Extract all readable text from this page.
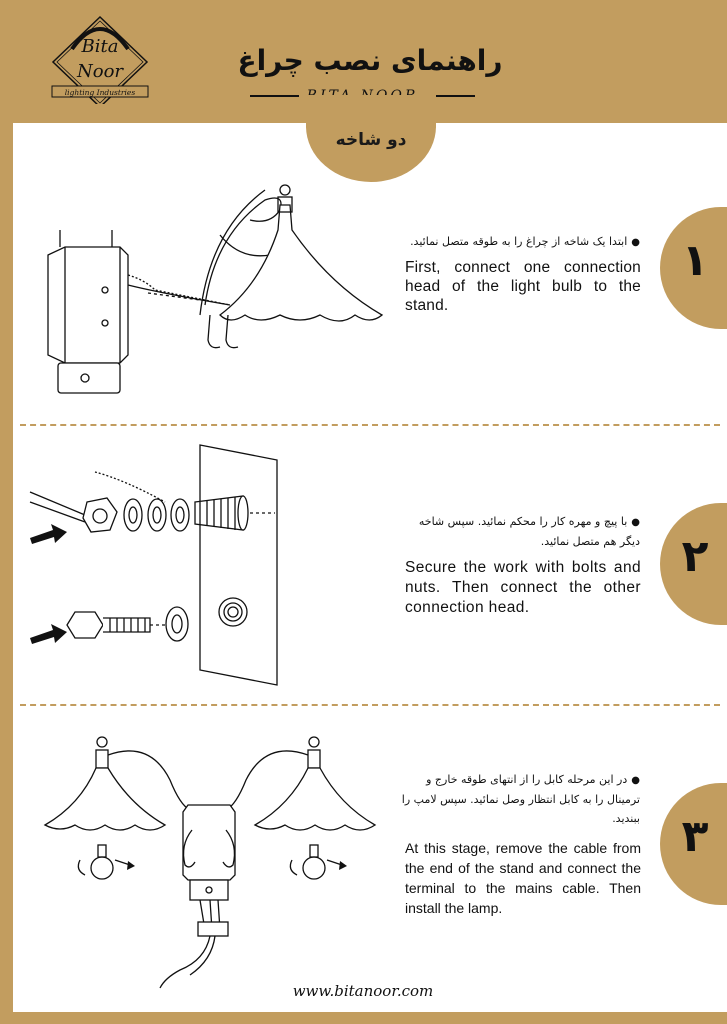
Bita
Noor
lighting Industries
راهنمای نصب چراغ
دو شاخه
۱
۲
۳
●ابتدا یک شاخه از چراغ را به طوقه متصل نمائید.
First, connect one connection head of the light bulb to the stand.
●با پیچ و مهره کار را محکم نمائید. سپس شاخه دیگر هم متصل نمائید.
Secure the work with bolts and nuts. Then connect the other connection head.
●در این مرحله کابل را از انتهای طوقه خارج و ترمینال را به کابل انتظار وصل نمائید. سپس لامپ را ببندید.
At this stage, remove the cable from the end of the stand and connect the terminal to the mains cable. Then install the lamp.
www.bitanoor.com
